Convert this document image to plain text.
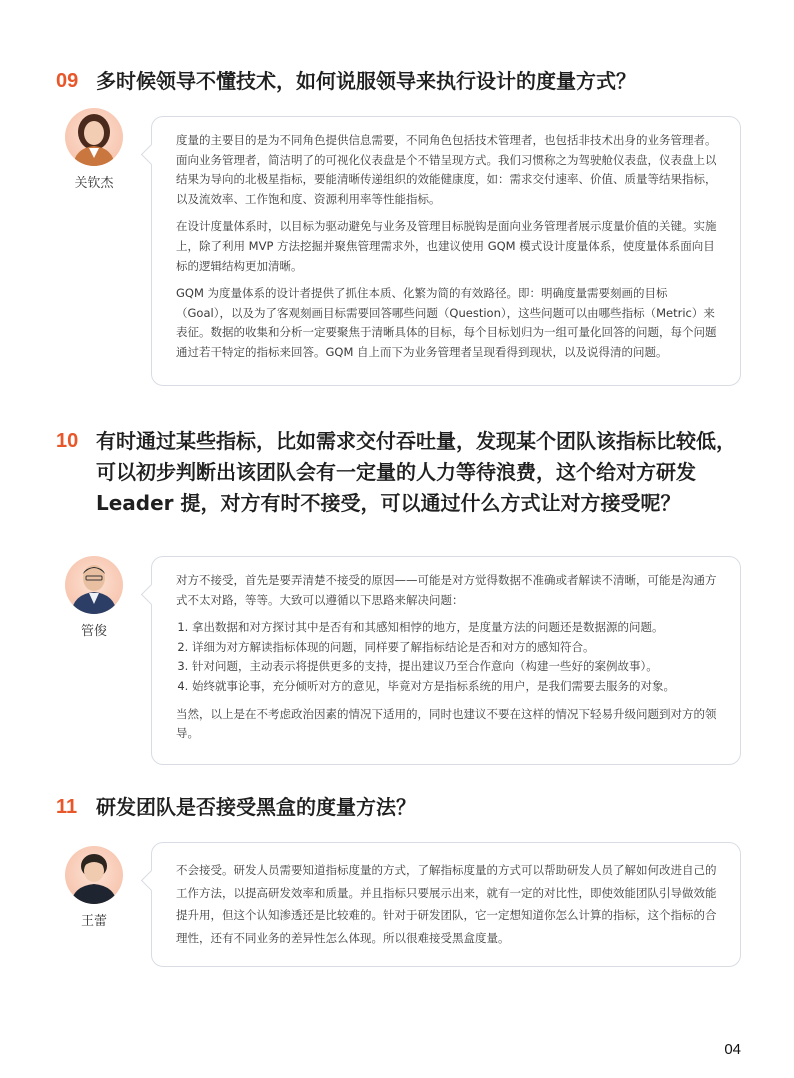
09 多时候领导不懂技术，如何说服领导来执行设计的度量方式？
关钦杰

度量的主要目的是为不同角色提供信息需要，不同角色包括技术管理者，也包括非技术出身的业务管理者。面向业务管理者，简洁明了的可视化仪表盘是个不错呈现方式。我们习惯称之为驾驶舱仪表盘，仪表盘上以结果为导向的北极星指标，要能清晰传递组织的效能健康度，如：需求交付速率、价值、质量等结果指标，以及流效率、工作饱和度、资源利用率等性能指标。

在设计度量体系时，以目标为驱动避免与业务及管理目标脱钩是面向业务管理者展示度量价值的关键。实施上，除了利用 MVP 方法挖掘并聚焦管理需求外，也建议使用 GQM 模式设计度量体系，使度量体系面向目标的逻辑结构更加清晰。

GQM 为度量体系的设计者提供了抓住本质、化繁为简的有效路径。即：明确度量需要刻画的目标（Goal），以及为了客观刻画目标需要回答哪些问题（Question），这些问题可以由哪些指标（Metric）来表征。数据的收集和分析一定要聚焦于清晰具体的目标，每个目标划归为一组可量化回答的问题，每个问题通过若干特定的指标来回答。GQM 自上而下为业务管理者呈现看得到现状，以及说得清的问题。

10 有时通过某些指标，比如需求交付吞吐量，发现某个团队该指标比较低，可以初步判断出该团队会有一定量的人力等待浪费，这个给对方研发 Leader 提，对方有时不接受，可以通过什么方式让对方接受呢？
管俊

对方不接受，首先是要弄清楚不接受的原因——可能是对方觉得数据不准确或者解读不清晰，可能是沟通方式不太对路，等等。大致可以遵循以下思路来解决问题：

1. 拿出数据和对方探讨其中是否有和其感知相悖的地方，是度量方法的问题还是数据源的问题。
2. 详细为对方解读指标体现的问题，同样要了解指标结论是否和对方的感知符合。
3. 针对问题，主动表示将提供更多的支持，提出建议乃至合作意向（构建一些好的案例故事）。
4. 始终就事论事，充分倾听对方的意见，毕竟对方是指标系统的用户，是我们需要去服务的对象。

当然，以上是在不考虑政治因素的情况下适用的，同时也建议不要在这样的情况下轻易升级问题到对方的领导。

11 研发团队是否接受黑盒的度量方法？
王蕾

不会接受。研发人员需要知道指标度量的方式，了解指标度量的方式可以帮助研发人员了解如何改进自己的工作方法，以提高研发效率和质量。并且指标只要展示出来，就有一定的对比性，即使效能团队引导做效能提升用，但这个认知渗透还是比较难的。针对于研发团队，它一定想知道你怎么计算的指标，这个指标的合理性，还有不同业务的差异性怎么体现。所以很难接受黑盒度量。

04
